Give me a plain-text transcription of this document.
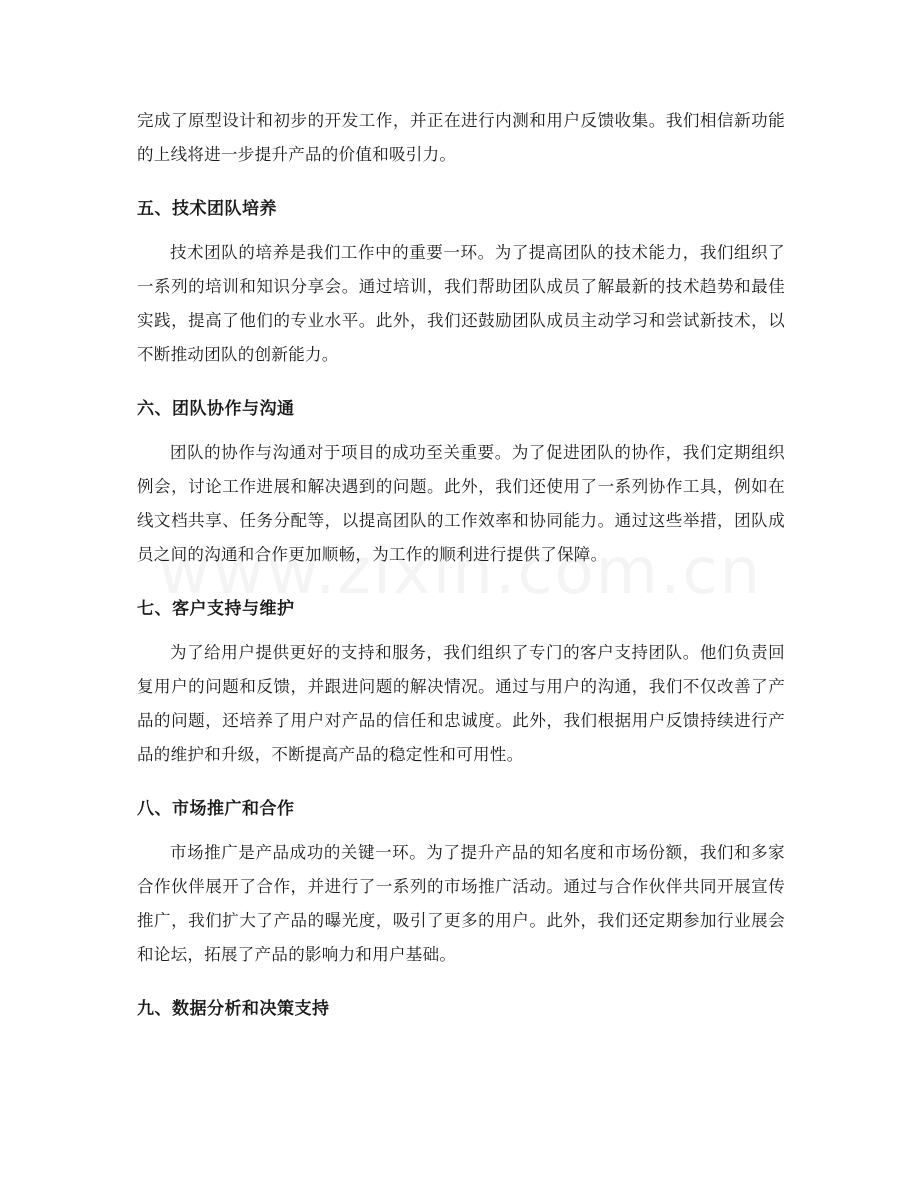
完成了原型设计和初步的开发工作，并正在进行内测和用户反馈收集。我们相信新功能的上线将进一步提升产品的价值和吸引力。

五、技术团队培养

技术团队的培养是我们工作中的重要一环。为了提高团队的技术能力，我们组织了一系列的培训和知识分享会。通过培训，我们帮助团队成员了解最新的技术趋势和最佳实践，提高了他们的专业水平。此外，我们还鼓励团队成员主动学习和尝试新技术，以不断推动团队的创新能力。

六、团队协作与沟通

团队的协作与沟通对于项目的成功至关重要。为了促进团队的协作，我们定期组织例会，讨论工作进展和解决遇到的问题。此外，我们还使用了一系列协作工具，例如在线文档共享、任务分配等，以提高团队的工作效率和协同能力。通过这些举措，团队成员之间的沟通和合作更加顺畅，为工作的顺利进行提供了保障。

七、客户支持与维护

为了给用户提供更好的支持和服务，我们组织了专门的客户支持团队。他们负责回复用户的问题和反馈，并跟进问题的解决情况。通过与用户的沟通，我们不仅改善了产品的问题，还培养了用户对产品的信任和忠诚度。此外，我们根据用户反馈持续进行产品的维护和升级，不断提高产品的稳定性和可用性。

八、市场推广和合作

市场推广是产品成功的关键一环。为了提升产品的知名度和市场份额，我们和多家合作伙伴展开了合作，并进行了一系列的市场推广活动。通过与合作伙伴共同开展宣传推广，我们扩大了产品的曝光度，吸引了更多的用户。此外，我们还定期参加行业展会和论坛，拓展了产品的影响力和用户基础。

九、数据分析和决策支持
